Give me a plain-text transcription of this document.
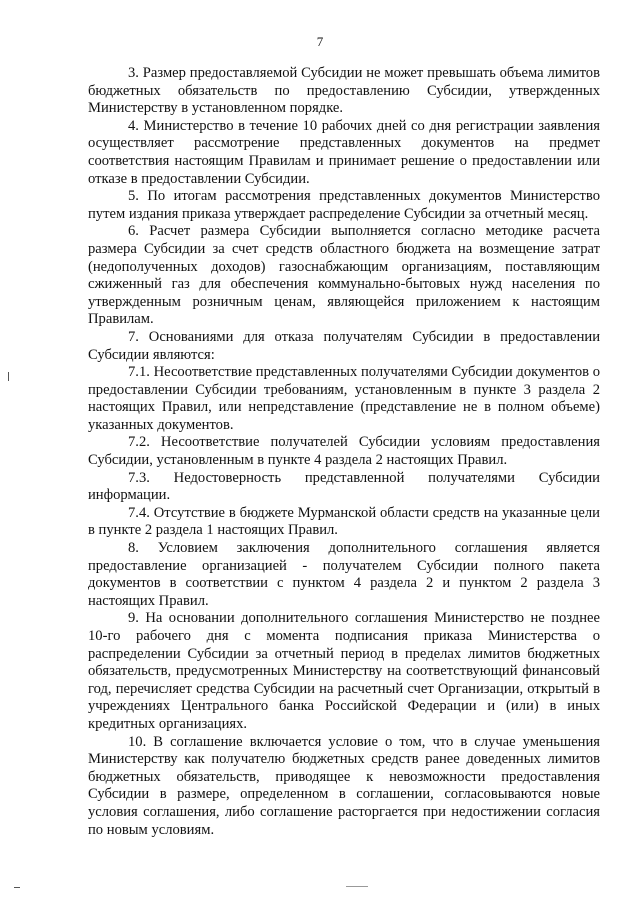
7

3. Размер предоставляемой Субсидии не может превышать объема лимитов бюджетных обязательств по предоставлению Субсидии, утвержденных Министерству в установленном порядке.

4. Министерство в течение 10 рабочих дней со дня регистрации заявления осуществляет рассмотрение представленных документов на предмет соответствия настоящим Правилам и принимает решение о предоставлении или отказе в предоставлении Субсидии.

5. По итогам рассмотрения представленных документов Министерство путем издания приказа утверждает распределение Субсидии за отчетный месяц.

6. Расчет размера Субсидии выполняется согласно методике расчета размера Субсидии за счет средств областного бюджета на возмещение затрат (недополученных доходов) газоснабжающим организациям, поставляющим сжиженный газ для обеспечения коммунально-бытовых нужд населения по утвержденным розничным ценам, являющейся приложением к настоящим Правилам.

7. Основаниями для отказа получателям Субсидии в предоставлении Субсидии являются:

7.1. Несоответствие представленных получателями Субсидии документов о предоставлении Субсидии требованиям, установленным в пункте 3 раздела 2 настоящих Правил, или непредставление (представление не в полном объеме) указанных документов.

7.2. Несоответствие получателей Субсидии условиям предоставления Субсидии, установленным в пункте 4 раздела 2 настоящих Правил.

7.3. Недостоверность представленной получателями Субсидии информации.

7.4. Отсутствие в бюджете Мурманской области средств на указанные цели в пункте 2 раздела 1 настоящих Правил.

8. Условием заключения дополнительного соглашения является предоставление организацией - получателем Субсидии полного пакета документов в соответствии с пунктом 4 раздела 2 и пунктом 2 раздела 3 настоящих Правил.

9. На основании дополнительного соглашения Министерство не позднее 10-го рабочего дня с момента подписания приказа Министерства о распределении Субсидии за отчетный период в пределах лимитов бюджетных обязательств, предусмотренных Министерству на соответствующий финансовый год, перечисляет средства Субсидии на расчетный счет Организации, открытый в учреждениях Центрального банка Российской Федерации и (или) в иных кредитных организациях.

10. В соглашение включается условие о том, что в случае уменьшения Министерству как получателю бюджетных средств ранее доведенных лимитов бюджетных обязательств, приводящее к невозможности предоставления Субсидии в размере, определенном в соглашении, согласовываются новые условия соглашения, либо соглашение расторгается при недостижении согласия по новым условиям.
